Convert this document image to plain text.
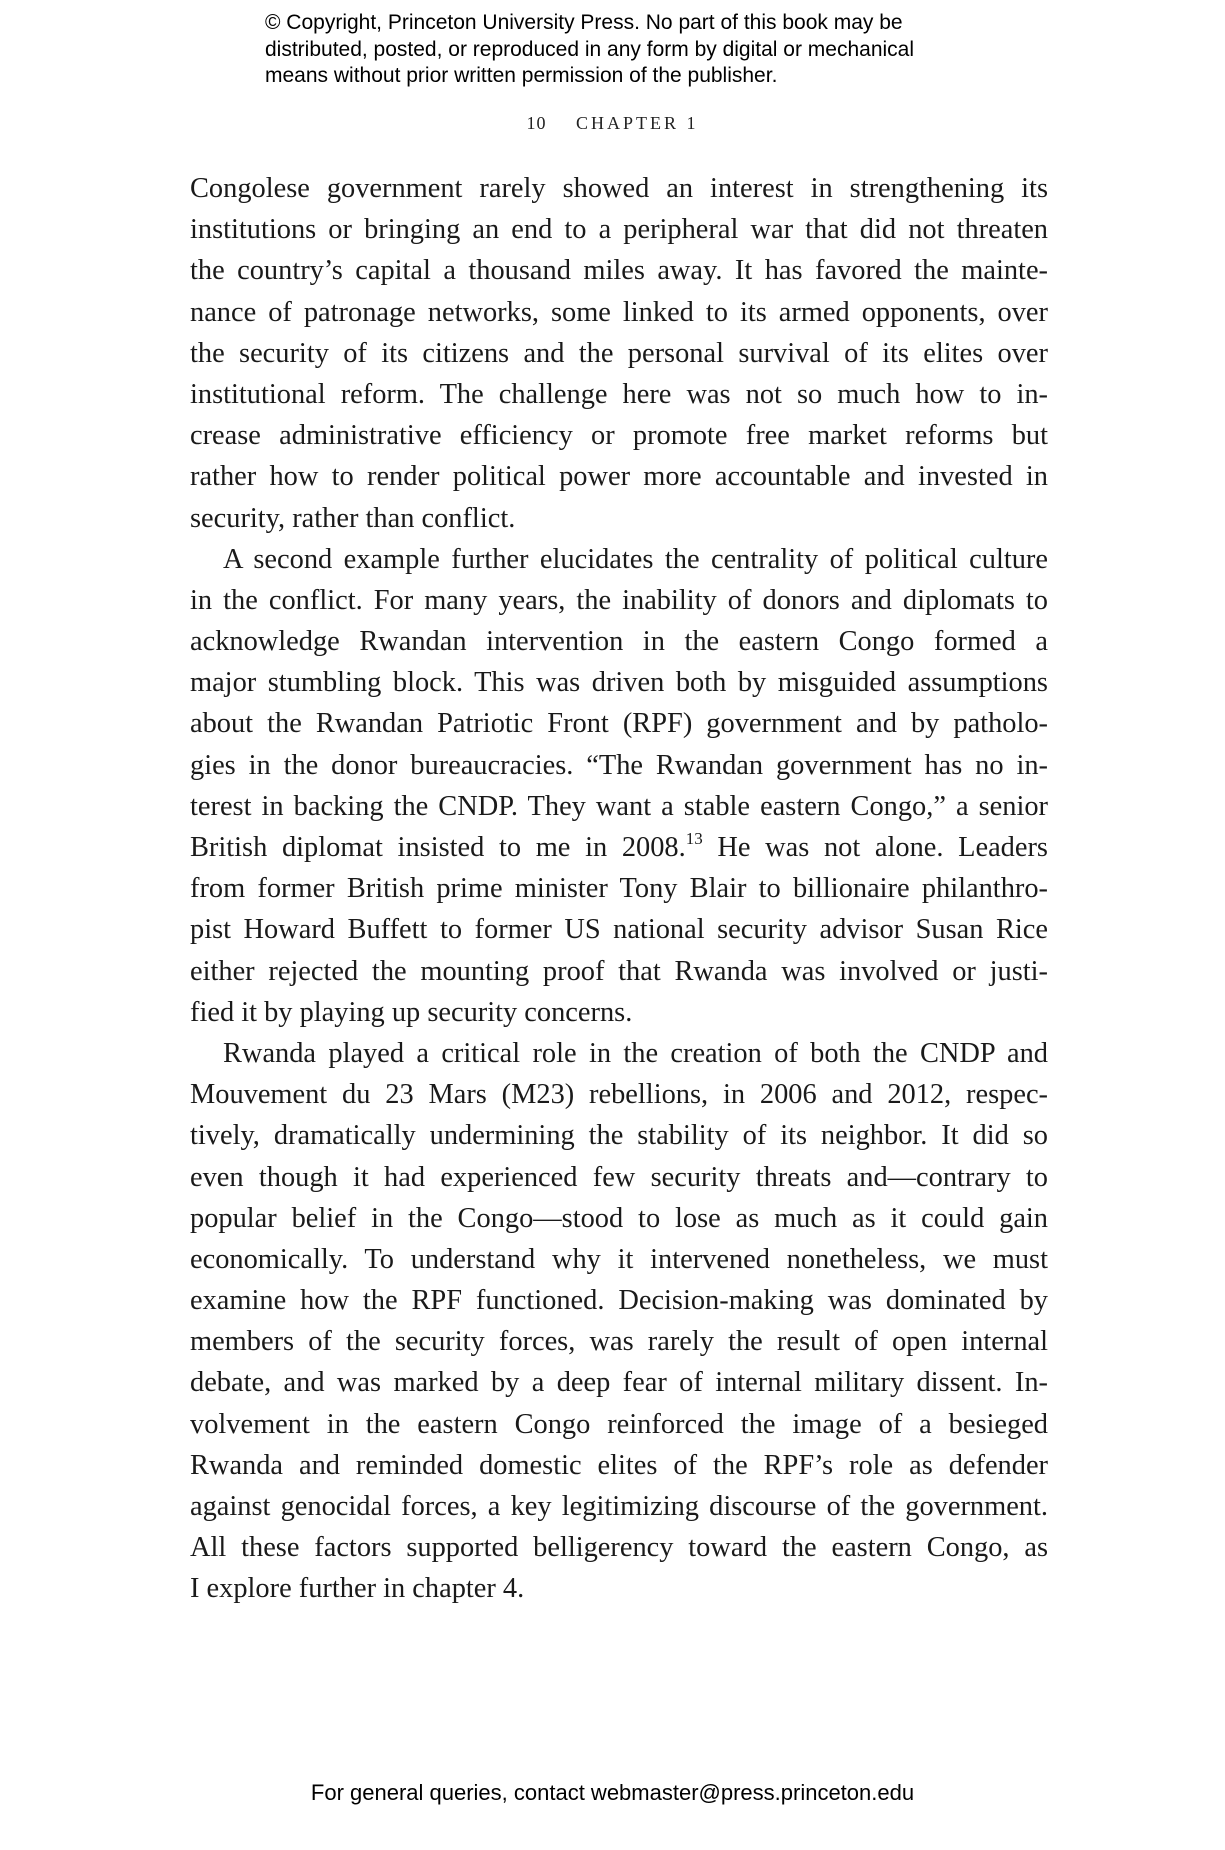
© Copyright, Princeton University Press. No part of this book may be
distributed, posted, or reproduced in any form by digital or mechanical
means without prior written permission of the publisher.
10 CHAPTER 1
Congolese government rarely showed an interest in strengthening its
institutions or bringing an end to a peripheral war that did not threaten
the country’s capital a thousand miles away. It has favored the mainte-
nance of patronage networks, some linked to its armed opponents, over
the security of its citizens and the personal survival of its elites over
institutional reform. The challenge here was not so much how to in-
crease administrative efficiency or promote free market reforms but
rather how to render political power more accountable and invested in
security, rather than conflict.
A second example further elucidates the centrality of political culture
in the conflict. For many years, the inability of donors and diplomats to
acknowledge Rwandan intervention in the eastern Congo formed a
major stumbling block. This was driven both by misguided assumptions
about the Rwandan Patriotic Front (RPF) government and by patholo-
gies in the donor bureaucracies. “The Rwandan government has no in-
terest in backing the CNDP. They want a stable eastern Congo,” a senior
British diplomat insisted to me in 2008.13 He was not alone. Leaders
from former British prime minister Tony Blair to billionaire philanthro-
pist Howard Buffett to former US national security advisor Susan Rice
either rejected the mounting proof that Rwanda was involved or justi-
fied it by playing up security concerns.
Rwanda played a critical role in the creation of both the CNDP and
Mouvement du 23 Mars (M23) rebellions, in 2006 and 2012, respec-
tively, dramatically undermining the stability of its neighbor. It did so
even though it had experienced few security threats and—contrary to
popular belief in the Congo—stood to lose as much as it could gain
economically. To understand why it intervened nonetheless, we must
examine how the RPF functioned. Decision-making was dominated by
members of the security forces, was rarely the result of open internal
debate, and was marked by a deep fear of internal military dissent. In-
volvement in the eastern Congo reinforced the image of a besieged
Rwanda and reminded domestic elites of the RPF’s role as defender
against genocidal forces, a key legitimizing discourse of the government.
All these factors supported belligerency toward the eastern Congo, as
I explore further in chapter 4.
For general queries, contact webmaster@press.princeton.edu
